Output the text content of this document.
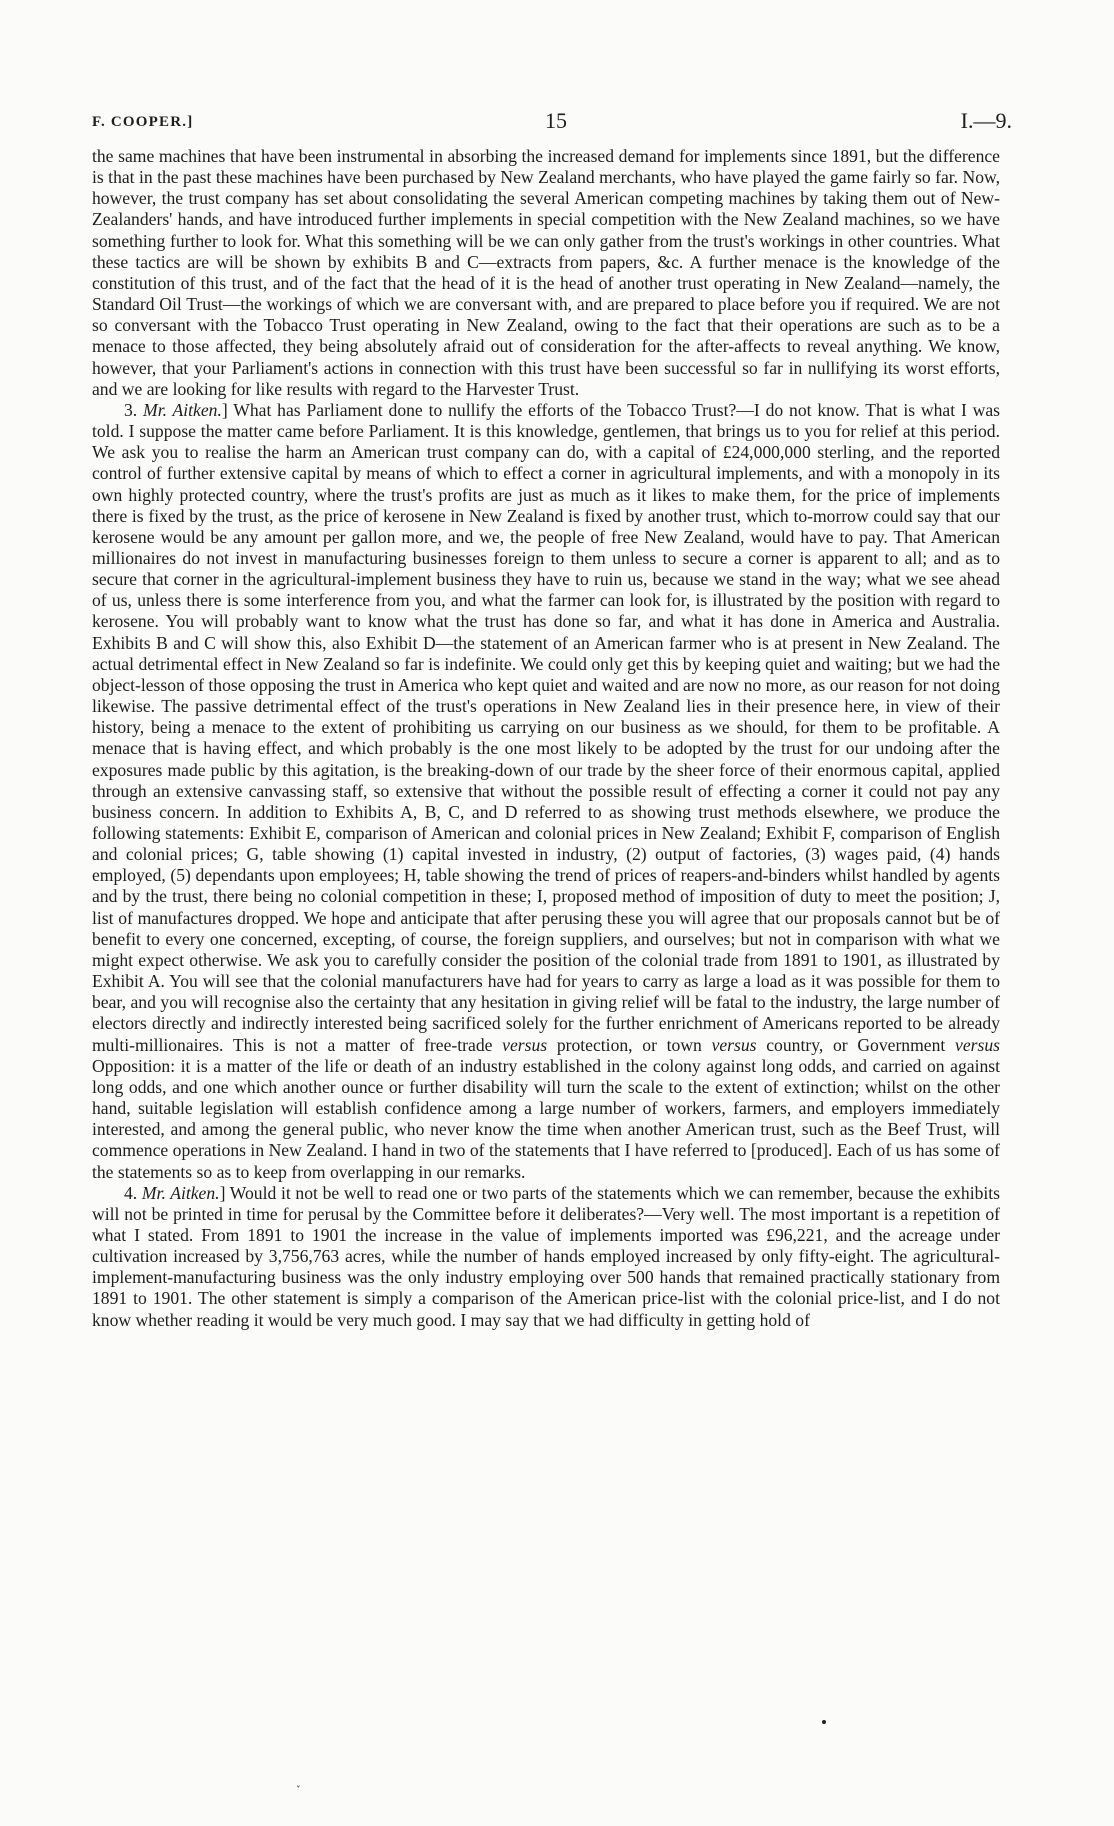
F. COOPER.]	15	I.—9.

the same machines that have been instrumental in absorbing the increased demand for implements since 1891, but the difference is that in the past these machines have been purchased by New Zealand merchants, who have played the game fairly so far. Now, however, the trust company has set about consolidating the several American competing machines by taking them out of New-Zealanders' hands, and have introduced further implements in special competition with the New Zealand machines, so we have something further to look for. What this something will be we can only gather from the trust's workings in other countries. What these tactics are will be shown by exhibits B and C—extracts from papers, &c. A further menace is the knowledge of the constitution of this trust, and of the fact that the head of it is the head of another trust operating in New Zealand—namely, the Standard Oil Trust—the workings of which we are conversant with, and are prepared to place before you if required. We are not so conversant with the Tobacco Trust operating in New Zealand, owing to the fact that their operations are such as to be a menace to those affected, they being absolutely afraid out of consideration for the after-affects to reveal anything. We know, however, that your Parliament's actions in connection with this trust have been successful so far in nullifying its worst efforts, and we are looking for like results with regard to the Harvester Trust.

3. Mr. Aitken.] What has Parliament done to nullify the efforts of the Tobacco Trust?—I do not know. That is what I was told. I suppose the matter came before Parliament. It is this knowledge, gentlemen, that brings us to you for relief at this period. We ask you to realise the harm an American trust company can do, with a capital of £24,000,000 sterling, and the reported control of further extensive capital by means of which to effect a corner in agricultural implements, and with a monopoly in its own highly protected country, where the trust's profits are just as much as it likes to make them, for the price of implements there is fixed by the trust, as the price of kerosene in New Zealand is fixed by another trust, which to-morrow could say that our kerosene would be any amount per gallon more, and we, the people of free New Zealand, would have to pay. That American millionaires do not invest in manufacturing businesses foreign to them unless to secure a corner is apparent to all; and as to secure that corner in the agricultural-implement business they have to ruin us, because we stand in the way; what we see ahead of us, unless there is some interference from you, and what the farmer can look for, is illustrated by the position with regard to kerosene. You will probably want to know what the trust has done so far, and what it has done in America and Australia. Exhibits B and C will show this, also Exhibit D—the statement of an American farmer who is at present in New Zealand. The actual detrimental effect in New Zealand so far is indefinite. We could only get this by keeping quiet and waiting; but we had the object-lesson of those opposing the trust in America who kept quiet and waited and are now no more, as our reason for not doing likewise. The passive detrimental effect of the trust's operations in New Zealand lies in their presence here, in view of their history, being a menace to the extent of prohibiting us carrying on our business as we should, for them to be profitable. A menace that is having effect, and which probably is the one most likely to be adopted by the trust for our undoing after the exposures made public by this agitation, is the breaking-down of our trade by the sheer force of their enormous capital, applied through an extensive canvassing staff, so extensive that without the possible result of effecting a corner it could not pay any business concern. In addition to Exhibits A, B, C, and D referred to as showing trust methods elsewhere, we produce the following statements: Exhibit E, comparison of American and colonial prices in New Zealand; Exhibit F, comparison of English and colonial prices; G, table showing (1) capital invested in industry, (2) output of factories, (3) wages paid, (4) hands employed, (5) dependants upon employees; H, table showing the trend of prices of reapers-and-binders whilst handled by agents and by the trust, there being no colonial competition in these; I, proposed method of imposition of duty to meet the position; J, list of manufactures dropped. We hope and anticipate that after perusing these you will agree that our proposals cannot but be of benefit to every one concerned, excepting, of course, the foreign suppliers, and ourselves; but not in comparison with what we might expect otherwise. We ask you to carefully consider the position of the colonial trade from 1891 to 1901, as illustrated by Exhibit A. You will see that the colonial manufacturers have had for years to carry as large a load as it was possible for them to bear, and you will recognise also the certainty that any hesitation in giving relief will be fatal to the industry, the large number of electors directly and indirectly interested being sacrificed solely for the further enrichment of Americans reported to be already multi-millionaires. This is not a matter of free-trade versus protection, or town versus country, or Government versus Opposition: it is a matter of the life or death of an industry established in the colony against long odds, and carried on against long odds, and one which another ounce or further disability will turn the scale to the extent of extinction; whilst on the other hand, suitable legislation will establish confidence among a large number of workers, farmers, and employers immediately interested, and among the general public, who never know the time when another American trust, such as the Beef Trust, will commence operations in New Zealand. I hand in two of the statements that I have referred to [produced]. Each of us has some of the statements so as to keep from overlapping in our remarks.

4. Mr. Aitken.] Would it not be well to read one or two parts of the statements which we can remember, because the exhibits will not be printed in time for perusal by the Committee before it deliberates?—Very well. The most important is a repetition of what I stated. From 1891 to 1901 the increase in the value of implements imported was £96,221, and the acreage under cultivation increased by 3,756,763 acres, while the number of hands employed increased by only fifty-eight. The agricultural-implement-manufacturing business was the only industry employing over 500 hands that remained practically stationary from 1891 to 1901. The other statement is simply a comparison of the American price-list with the colonial price-list, and I do not know whether reading it would be very much good. I may say that we had difficulty in getting hold of

˯
